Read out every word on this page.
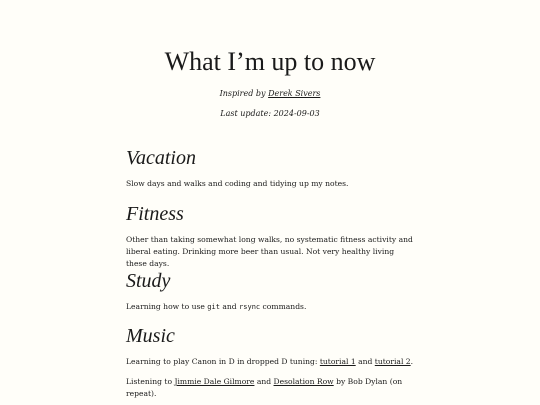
What I’m up to now
Inspired by Derek Sivers
Last update: 2024-09-03
Vacation

Slow days and walks and coding and tidying up my notes.

Fitness

Other than taking somewhat long walks, no systematic fitness activity and liberal eating. Drinking more beer than usual. Not very healthy living these days.

Study

Learning how to use git and rsync commands.

Music

Learning to play Canon in D in dropped D tuning: tutorial 1 and tutorial 2.

Listening to Jimmie Dale Gilmore and Desolation Row by Bob Dylan (on repeat).
